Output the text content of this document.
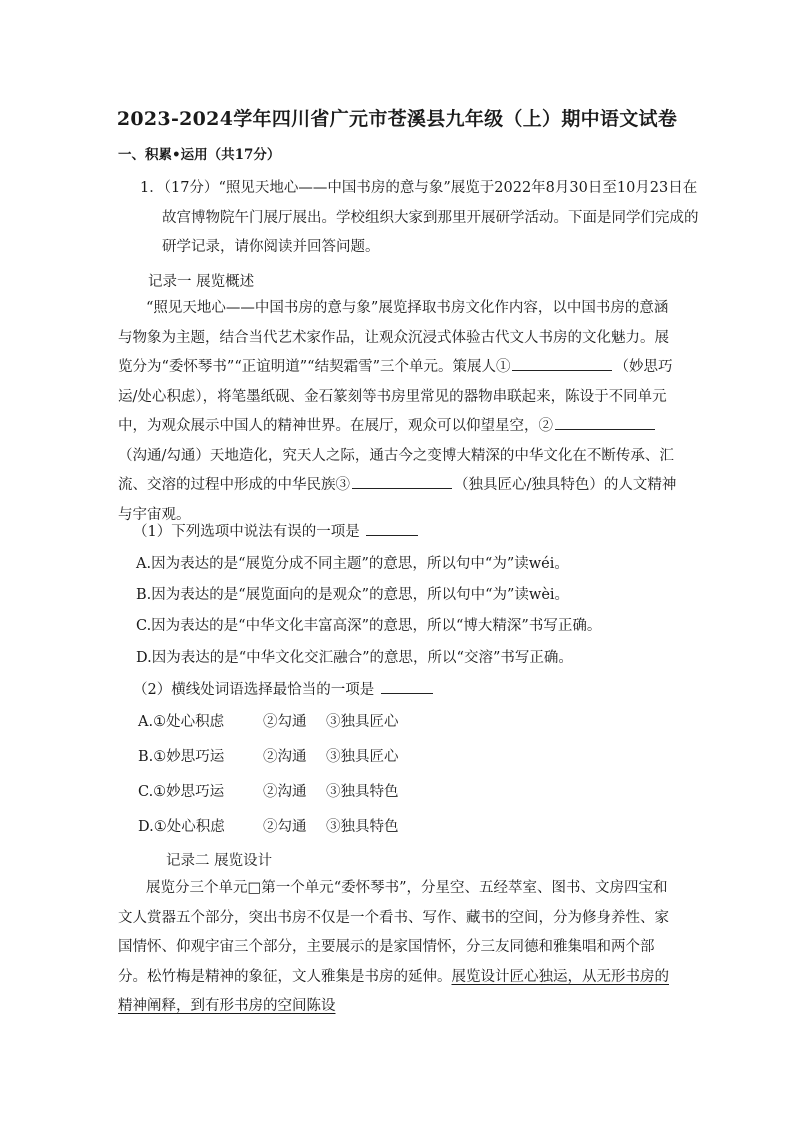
2023-2024学年四川省广元市苍溪县九年级（上）期中语文试卷
一、积累•运用（共17分）
1．（17分）“照见天地心——中国书房的意与象”展览于2022年8月30日至10月23日在故宫博物院午门展厅展出。学校组织大家到那里开展研学活动。下面是同学们完成的研学记录，请你阅读并回答问题。
记录一 展览概述
“照见天地心——中国书房的意与象”展览择取书房文化作内容，以中国书房的意涵与物象为主题，结合当代艺术家作品，让观众沉浸式体验古代文人书房的文化魅力。展览分为“委怀琴书”“正谊明道”“结契霜雪”三个单元。策展人①	（妙思巧运/处心积虑），将笔墨纸砚、金石篆刻等书房里常见的器物串联起来，陈设于不同单元中，为观众展示中国人的精神世界。在展厅，观众可以仰望星空，②（沟通/勾通）天地造化，究天人之际，通古今之变博大精深的中华文化在不断传承、汇流、交溶的过程中形成的中华民族③	（独具匠心/独具特色）的人文精神与宇宙观。
（1）下列选项中说法有误的一项是
A.因为表达的是“展览分成不同主题”的意思，所以句中“为”读wéi。
B.因为表达的是“展览面向的是观众”的意思，所以句中“为”读wèi。
C.因为表达的是“中华文化丰富高深”的意思，所以“博大精深”书写正确。
D.因为表达的是“中华文化交汇融合”的意思，所以“交溶”书写正确。
（2）横线处词语选择最恰当的一项是
A.①处心积虑	②勾通 ③独具匠心
B.①妙思巧运	②沟通 ③独具匠心
C.①妙思巧运	②沟通 ③独具特色
D.①处心积虑	②勾通 ③独具特色
记录二 展览设计
展览分三个单元□第一个单元“委怀琴书”，分星空、五经萃室、图书、文房四宝和文人赏器五个部分，突出书房不仅是一个看书、写作、藏书的空间，分为修身养性、家国情怀、仰观宇宙三个部分，主要展示的是家国情怀，分三友同德和雅集唱和两个部分。松竹梅是精神的象征，文人雅集是书房的延伸。展览设计匠心独运，从无形书房的精神阐释，到有形书房的空间陈设
